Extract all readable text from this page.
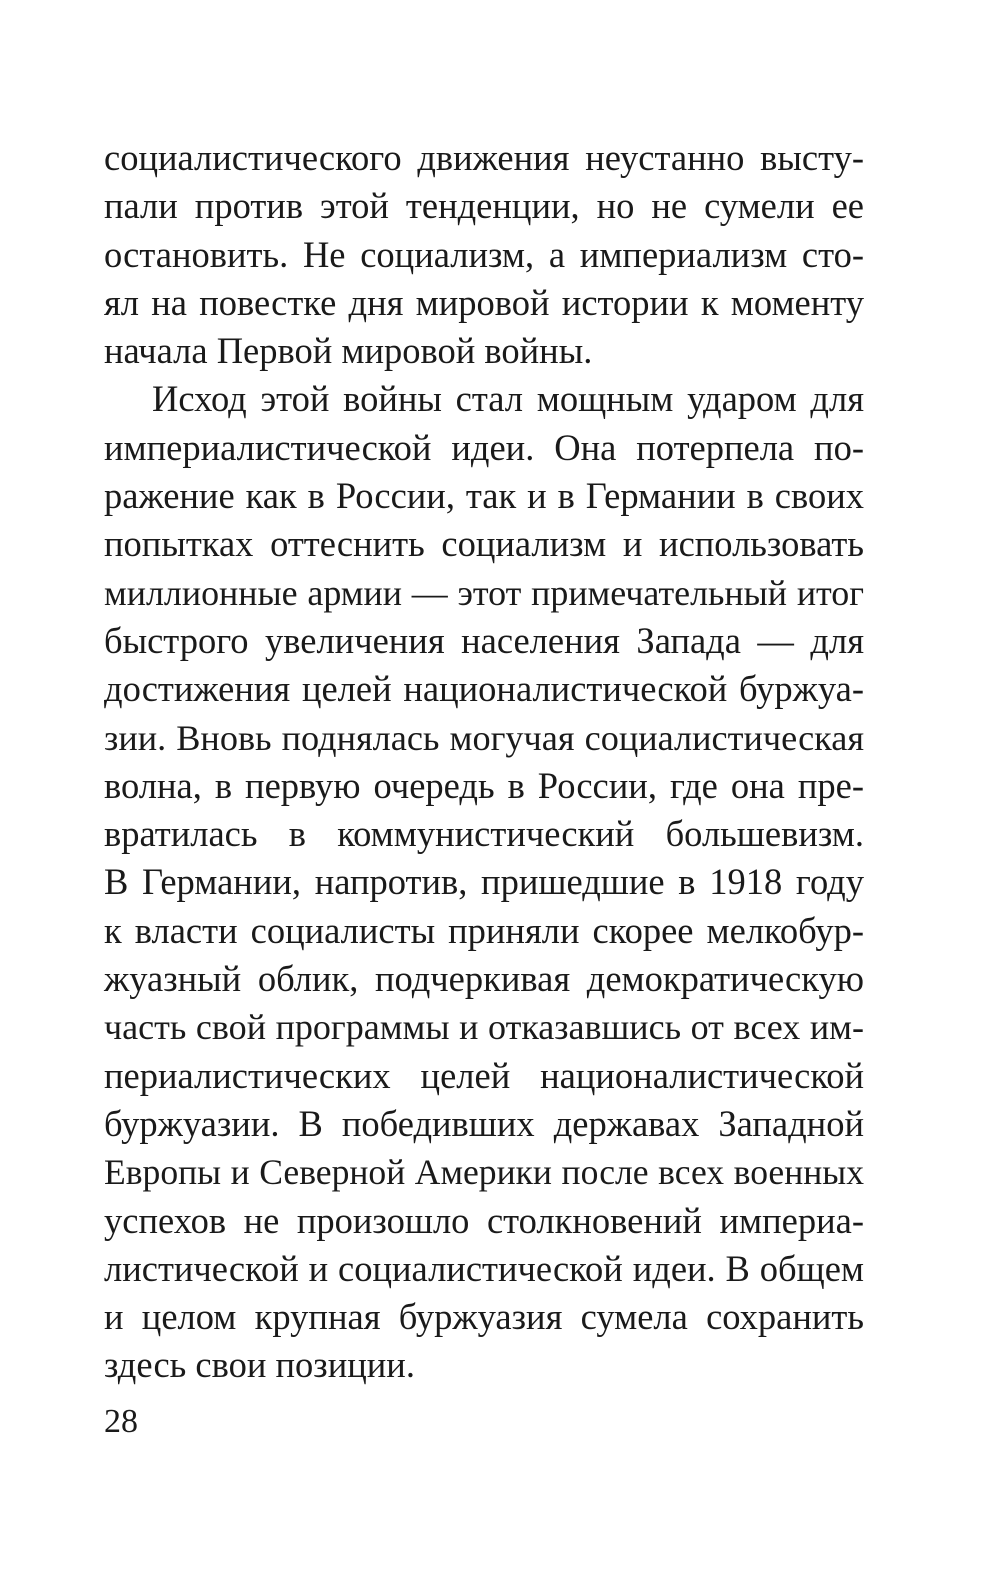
социалистического движения неустанно высту-
пали против этой тенденции, но не сумели ее
остановить. Не социализм, а империализм сто-
ял на повестке дня мировой истории к моменту
начала Первой мировой войны.
Исход этой войны стал мощным ударом для
империалистической идеи. Она потерпела по-
ражение как в России, так и в Германии в своих
попытках оттеснить социализм и использовать
миллионные армии — этот примечательный итог
быстрого увеличения населения Запада — для
достижения целей националистической буржуа-
зии. Вновь поднялась могучая социалистическая
волна, в первую очередь в России, где она пре-
вратилась в коммунистический большевизм.
В Германии, напротив, пришедшие в 1918 году
к власти социалисты приняли скорее мелкобур-
жуазный облик, подчеркивая демократическую
часть свой программы и отказавшись от всех им-
периалистических целей националистической
буржуазии. В победивших державах Западной
Европы и Северной Америки после всех военных
успехов не произошло столкновений империа-
листической и социалистической идеи. В общем
и целом крупная буржуазия сумела сохранить
здесь свои позиции.
28
